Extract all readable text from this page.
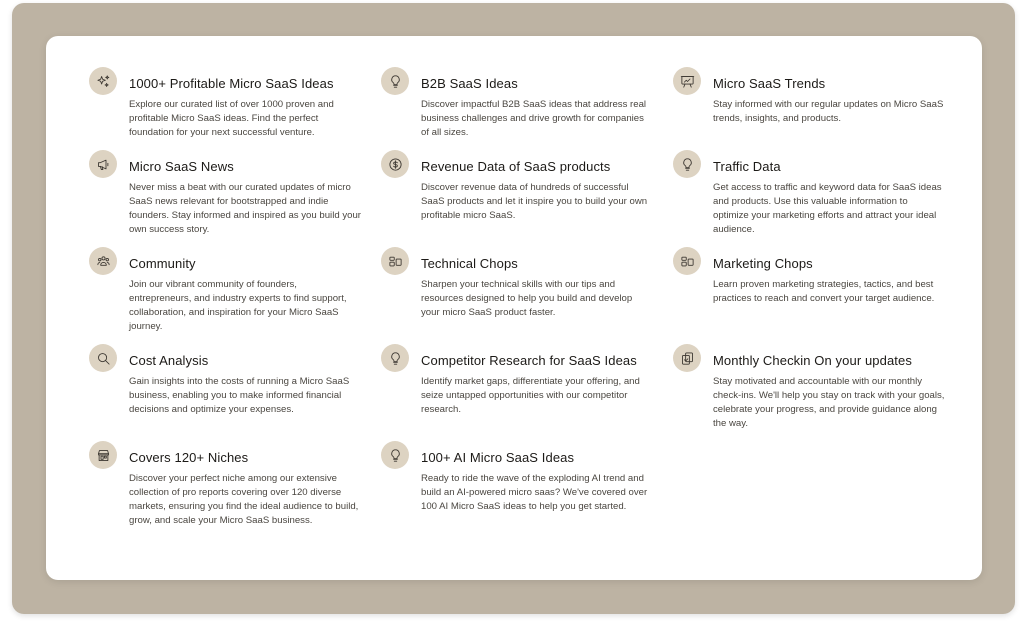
1000+ Profitable Micro SaaS Ideas
Explore our curated list of over 1000 proven and profitable Micro SaaS ideas. Find the perfect foundation for your next successful venture.
B2B SaaS Ideas
Discover impactful B2B SaaS ideas that address real business challenges and drive growth for companies of all sizes.
Micro SaaS Trends
Stay informed with our regular updates on Micro SaaS trends, insights, and products.
Micro SaaS News
Never miss a beat with our curated updates of micro SaaS news relevant for bootstrapped and indie founders. Stay informed and inspired as you build your own success story.
Revenue Data of SaaS products
Discover revenue data of hundreds of successful SaaS products and let it inspire you to build your own profitable micro SaaS.
Traffic Data
Get access to traffic and keyword data for SaaS ideas and products. Use this valuable information to optimize your marketing efforts and attract your ideal audience.
Community
Join our vibrant community of founders, entrepreneurs, and industry experts to find support, collaboration, and inspiration for your Micro SaaS journey.
Technical Chops
Sharpen your technical skills with our tips and resources designed to help you build and develop your micro SaaS product faster.
Marketing Chops
Learn proven marketing strategies, tactics, and best practices to reach and convert your target audience.
Cost Analysis
Gain insights into the costs of running a Micro SaaS business, enabling you to make informed financial decisions and optimize your expenses.
Competitor Research for SaaS Ideas
Identify market gaps, differentiate your offering, and seize untapped opportunities with our competitor research.
Monthly Checkin On your updates
Stay motivated and accountable with our monthly check-ins. We'll help you stay on track with your goals, celebrate your progress, and provide guidance along the way.
Covers 120+ Niches
Discover your perfect niche among our extensive collection of pro reports covering over 120 diverse markets, ensuring you find the ideal audience to build, grow, and scale your Micro SaaS business.
100+ AI Micro SaaS Ideas
Ready to ride the wave of the exploding AI trend and build an AI-powered micro saas? We've covered over 100 AI Micro SaaS ideas to help you get started.
